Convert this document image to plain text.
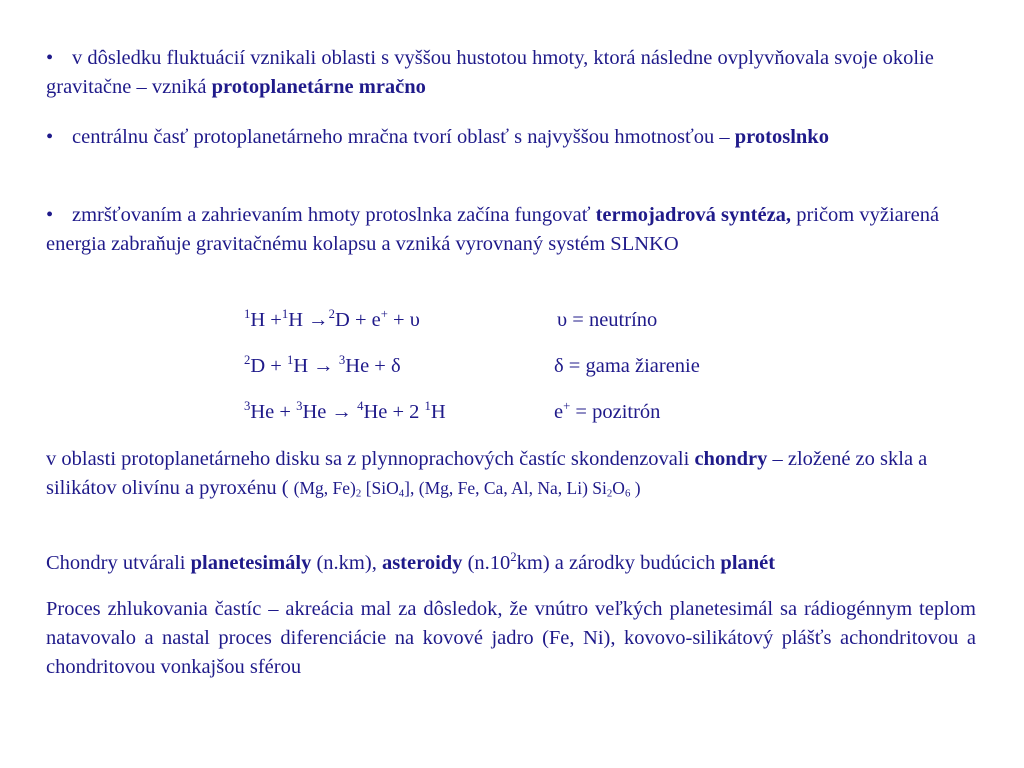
• v dôsledku fluktuácií vznikali oblasti s vyššou hustotou hmoty, ktorá následne ovplyvňovala svoje okolie gravitačne – vzniká protoplanetárne mračno
• centrálnu časť protoplanetárneho mračna tvorí oblasť s najvyššou hmotnosťou – protoslnko
• zmršťovaním a zahrievaním hmoty protoslnka začína fungovať termojadrová syntéza, pričom vyžiarená energia zabraňuje gravitačnému kolapsu a vzniká vyrovnaný systém SLNKO
$^1$H +$^1$H →$^2$D + e+ + υ	υ = neutríno
$^2$D + $^1$H → $^3$He + δ	δ = gama žiarenie
$^3$He + $^3$He → $^4$He + 2 $^1$H	e+ = pozitrón
v oblasti protoplanetárneho disku sa z plynnoprachových častíc skondenzovali chondry – zložené zo skla a silikátov olivínu a pyroxénu ( (Mg, $Fe)_2$ [SiO$_4$], (Mg, Fe, Ca, Al, Na, Li) $Si_2O_6$ )
Chondry utvárali planetesimály (n.km), asteroidy $(n.10^2km)$ a zárodky budúcich planét
Proces zhlukovania častíc – akreácia mal za dôsledok, že vnútro veľkých planetesimál sa rádiogénnym teplom natavovalo a nastal proces diferenciácie na kovové jadro (Fe, Ni), kovovo-silikátový plášťs achondritovou a chondritovou vonkajšou sférou
